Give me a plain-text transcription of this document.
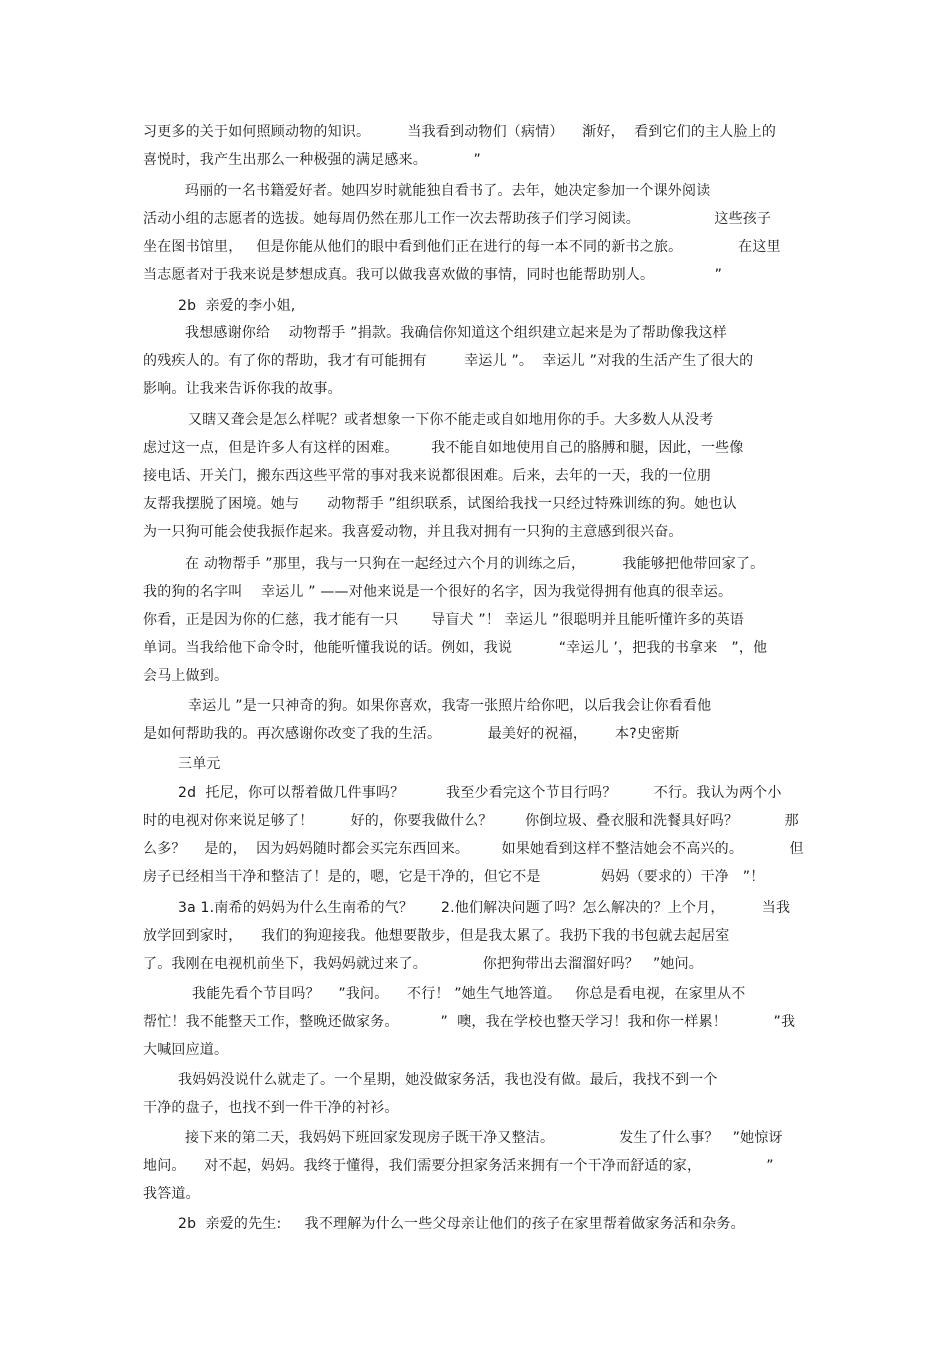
习更多的关于如何照顾动物的知识。        当我看到动物们（病情）    渐好，  看到它们的主人脸上的
喜悦时，我产生出那么一种极强的满足感来。          ”
玛丽的一名书籍爱好者。她四岁时就能独自看书了。去年，她决定参加一个课外阅读
活动小组的志愿者的选拔。她每周仍然在那儿工作一次去帮助孩子们学习阅读。                这些孩子
坐在图书馆里，   但是你能从他们的眼中看到他们正在进行的每一本不同的新书之旅。            在这里
当志愿者对于我来说是梦想成真。我可以做我喜欢做的事情，同时也能帮助别人。             ”
2b  亲爱的李小姐,
我想感谢你给    动物帮手 ”捐款。我确信你知道这个组织建立起来是为了帮助像我这样
的残疾人的。有了你的帮助，我才有可能拥有        幸运儿 ”。  幸运儿 ”对我的生活产生了很大的
影响。让我来告诉你我的故事。
又瞎又聋会是怎么样呢？或者想象一下你不能走或自如地用你的手。大多数人从没考
虑过这一点，但是许多人有这样的困难。       我不能自如地使用自己的胳膊和腿，因此，一些像
接电话、开关门，搬东西这些平常的事对我来说都很困难。后来，去年的一天，我的一位朋
友帮我摆脱了困境。她与      动物帮手 ”组织联系，试图给我找一只经过特殊训练的狗。她也认
为一只狗可能会使我振作起来。我喜爱动物，并且我对拥有一只狗的主意感到很兴奋。
在 动物帮手 ”那里，我与一只狗在一起经过六个月的训练之后，        我能够把他带回家了。
我的狗的名字叫    幸运儿 ” ——对他来说是一个很好的名字，因为我觉得拥有他真的很幸运。
你看，正是因为你的仁慈，我才能有一只       导盲犬 ”！ 幸运儿 ”很聪明并且能听懂许多的英语
单词。当我给他下命令时，他能听懂我说的话。例如，我说          “幸运儿 ’，把我的书拿来   ”，他
会马上做到。
幸运儿 ”是一只神奇的狗。如果你喜欢，我寄一张照片给你吧，以后我会让你看看他
是如何帮助我的。再次感谢你改变了我的生活。          最美好的祝福，      本?史密斯
三单元
2d  托尼，你可以帮着做几件事吗？         我至少看完这个节目行吗？        不行。我认为两个小
时的电视对你来说足够了！        好的，你要我做什么？       你倒垃圾、叠衣服和洗餐具好吗？          那
么多？    是的，  因为妈妈随时都会买完东西回来。       如果她看到这样不整洁她会不高兴的。          但
房子已经相当干净和整洁了！是的，嗯，它是干净的，但它不是             妈妈（要求的）干净   ”！
3a 1.南希的妈妈为什么生南希的气？      2.他们解决问题了吗？怎么解决的？上个月，        当我
放学回到家时，    我们的狗迎接我。他想要散步，但是我太累了。我扔下我的书包就去起居室
了。我刚在电视机前坐下，我妈妈就过来了。            你把狗带出去溜溜好吗？   ”她问。
我能先看个节目吗？    ”我问。    不行！ ”她生气地答道。   你总是看电视，在家里从不
帮忙！我不能整天工作，整晚还做家务。         ”  噢，我在学校也整天学习！我和你一样累！          ”我
大喊回应道。
我妈妈没说什么就走了。一个星期，她没做家务活，我也没有做。最后，我找不到一个
干净的盘子，也找不到一件干净的衬衫。
接下来的第二天，我妈妈下班回家发现房子既干净又整洁。              发生了什么事？   ”她惊讶
地问。    对不起，妈妈。我终于懂得，我们需要分担家务活来拥有一个干净而舒适的家，              ”
我答道。
2b  亲爱的先生:     我不理解为什么一些父母亲让他们的孩子在家里帮着做家务活和杂务。
